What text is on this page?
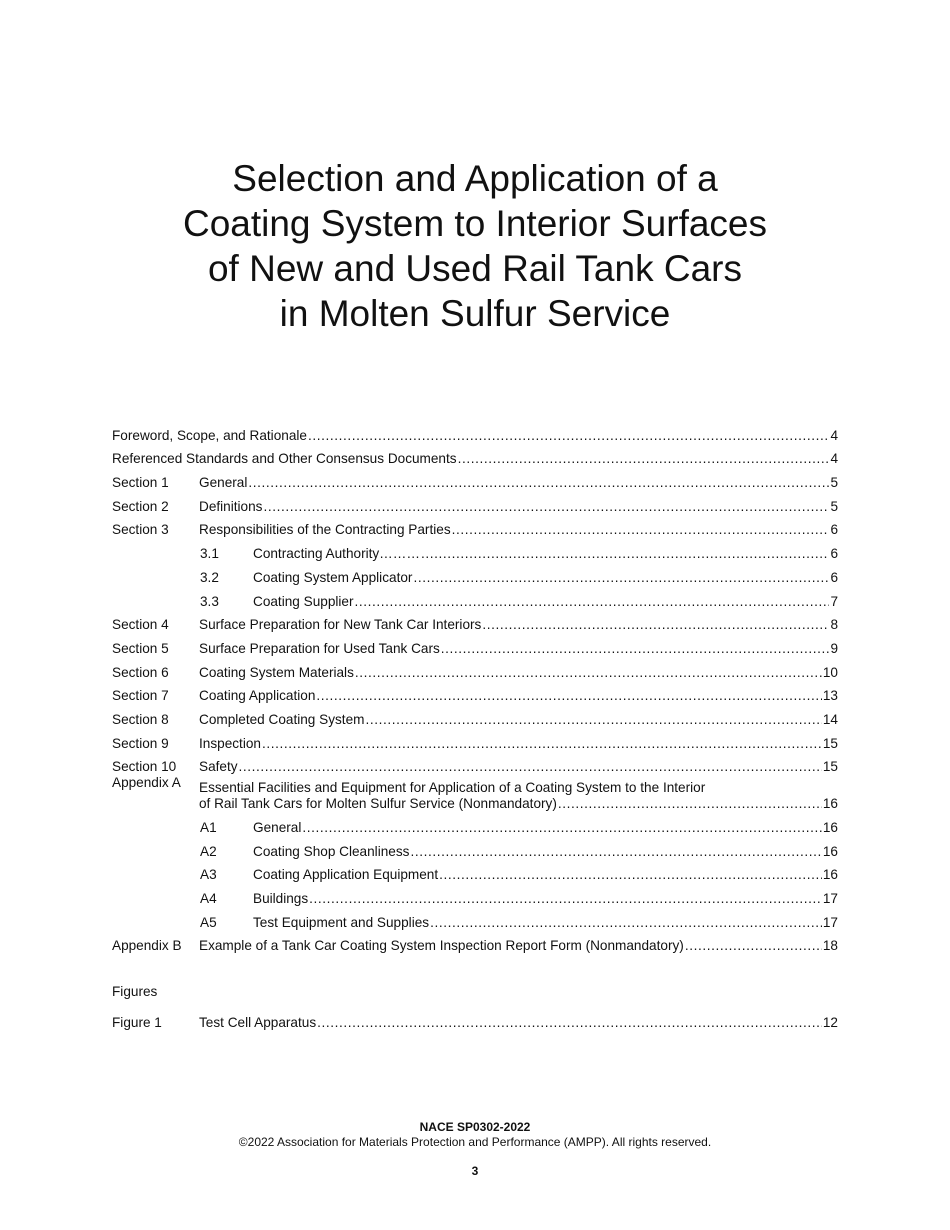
Selection and Application of a
Coating System to Interior Surfaces
of New and Used Rail Tank Cars
in Molten Sulfur Service
Foreword, Scope, and Rationale .....	4
Referenced Standards and Other Consensus Documents .....	4
Section 1	General .....	5
Section 2	Definitions .....	5
Section 3	Responsibilities of the Contracting Parties .....	6
3.1	Contracting Authority……… .....	6
3.2	Coating System Applicator .....	6
3.3	Coating Supplier .....	7
Section 4	Surface Preparation for New Tank Car Interiors .....	8
Section 5	Surface Preparation for Used Tank Cars .....	9
Section 6	Coating System Materials .....	10
Section 7	Coating Application .....	13
Section 8	Completed Coating System .....	14
Section 9	Inspection .....	15
Section 10	Safety .....	15
Appendix A	Essential Facilities and Equipment for Application of a Coating System to the Interior
of Rail Tank Cars for Molten Sulfur Service (Nonmandatory) .....	16
A1	General .....	16
A2	Coating Shop Cleanliness .....	16
A3	Coating Application Equipment .....	16
A4	Buildings .....	17
A5	Test Equipment and Supplies .....	17
Appendix B	Example of a Tank Car Coating System Inspection Report Form (Nonmandatory) .....	18
Figures
Figure 1	Test Cell Apparatus .....	12
NACE SP0302-2022
©2022 Association for Materials Protection and Performance (AMPP). All rights reserved.
3
